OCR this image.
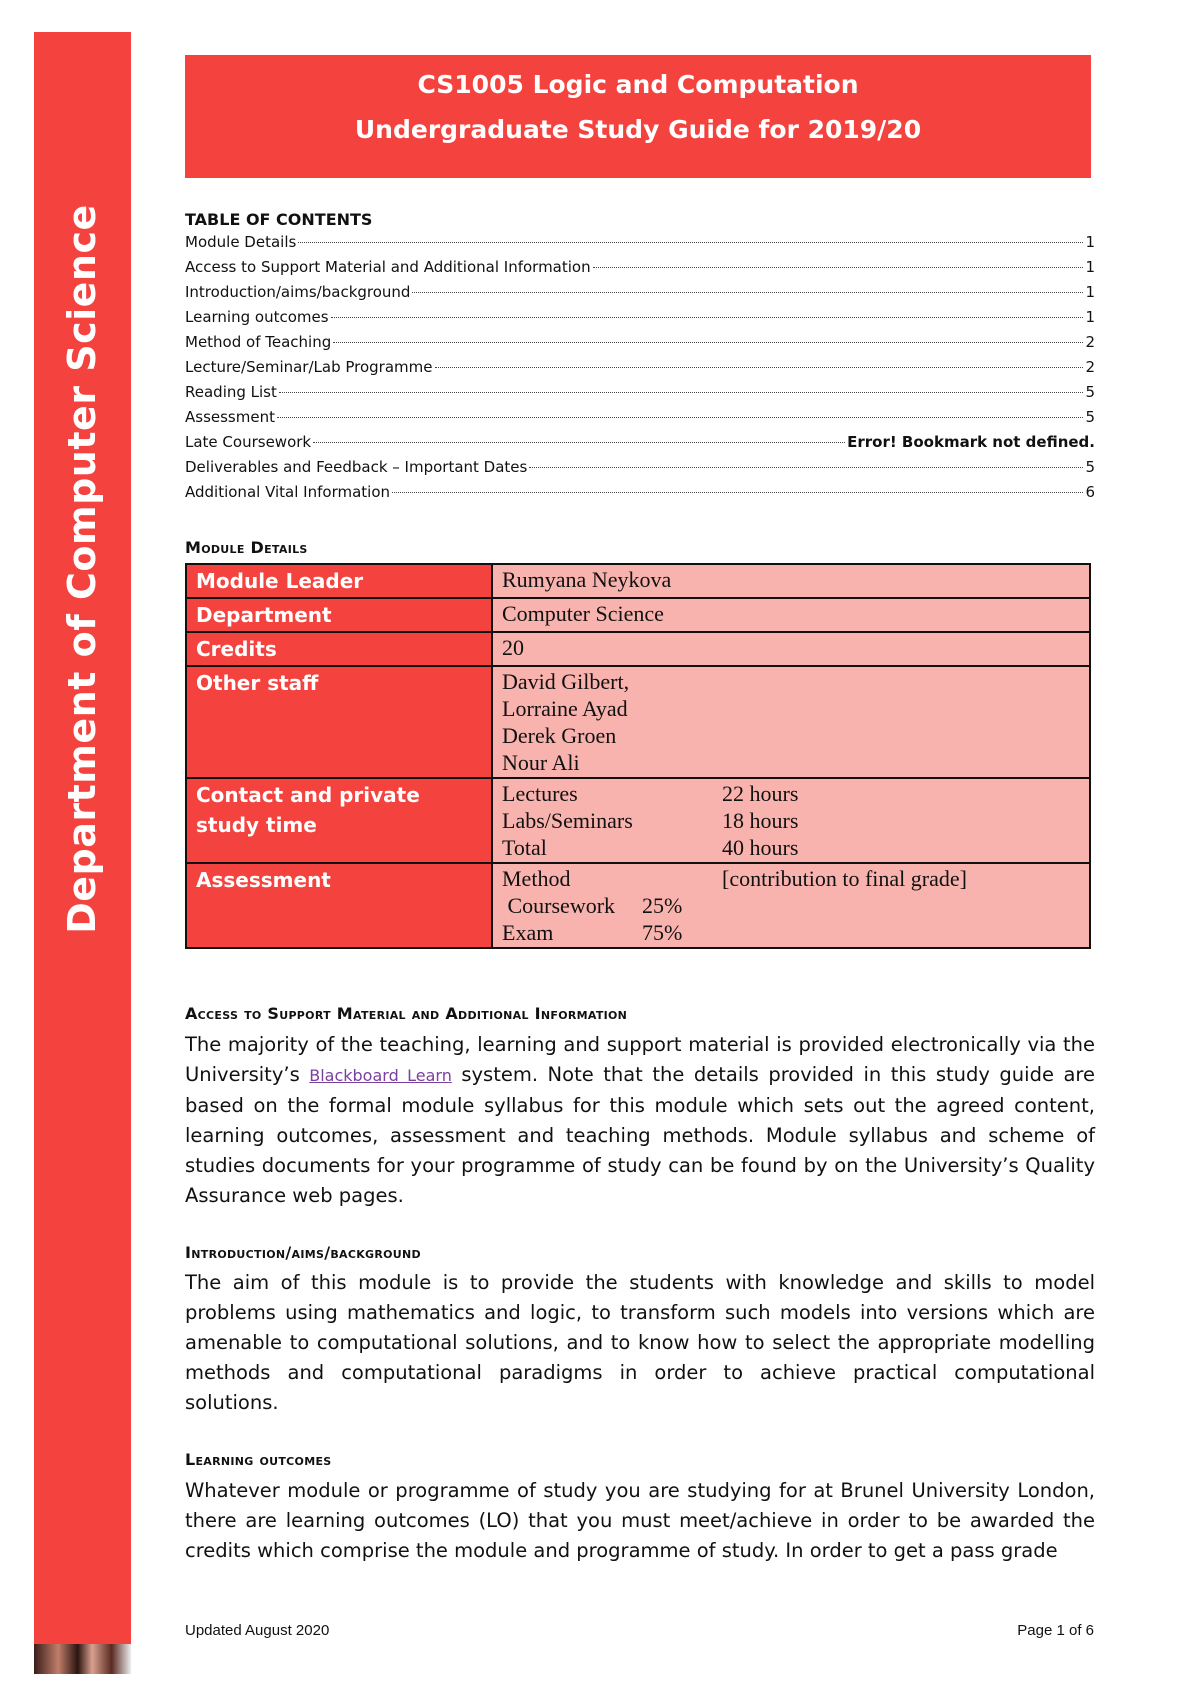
Department of Computer Science
CS1005 Logic and Computation
Undergraduate Study Guide for 2019/20
TABLE OF CONTENTS
Module Details	1
Access to Support Material and Additional Information	1
Introduction/aims/background	1
Learning outcomes	1
Method of Teaching	2
Lecture/Seminar/Lab Programme	2
Reading List	5
Assessment	5
Late Coursework	Error! Bookmark not defined.
Deliverables and Feedback – Important Dates	5
Additional Vital Information	6
Module Details
Module Leader	Rumyana Neykova
Department	Computer Science
Credits	20
Other staff	David Gilbert,
Lorraine Ayad
Derek Groen
Nour Ali

Contact and private study time	Lectures 22 hours
Labs/Seminars 18 hours
Total 40 hours

Assessment	Method [contribution to final grade]
Coursework 25%
Exam 75%
Access to Support Material and Additional Information
The majority of the teaching, learning and support material is provided electronically via the University’s Blackboard Learn system. Note that the details provided in this study guide are based on the formal module syllabus for this module which sets out the agreed content, learning outcomes, assessment and teaching methods. Module syllabus and scheme of studies documents for your programme of study can be found by on the University’s Quality Assurance web pages.
Introduction/aims/background
The aim of this module is to provide the students with knowledge and skills to model problems using mathematics and logic, to transform such models into versions which are amenable to computational solutions, and to know how to select the appropriate modelling methods and computational paradigms in order to achieve practical computational solutions.
Learning outcomes
Whatever module or programme of study you are studying for at Brunel University London, there are learning outcomes (LO) that you must meet/achieve in order to be awarded the credits which comprise the module and programme of study. In order to get a pass grade
Updated August 2020	Page 1 of 6
